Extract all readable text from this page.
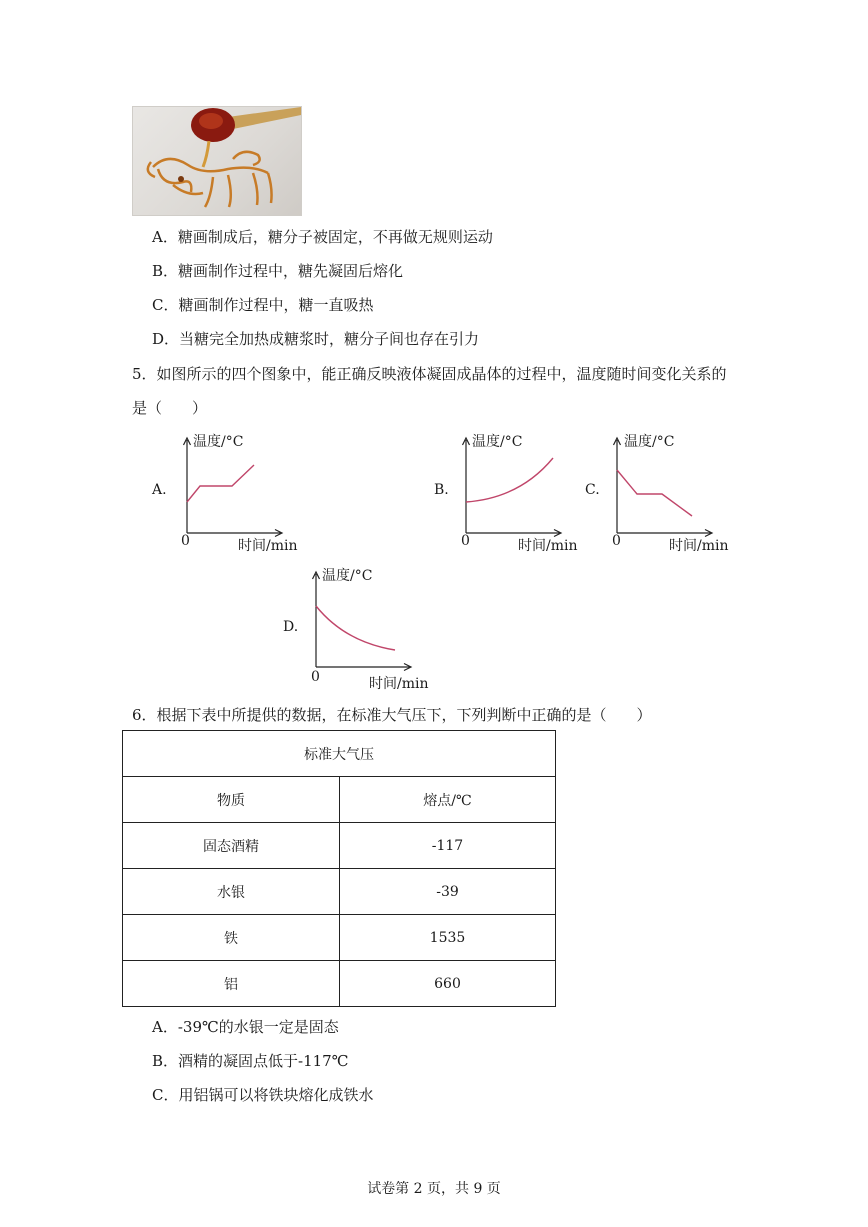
A．糖画制成后，糖分子被固定，不再做无规则运动
B．糖画制作过程中，糖先凝固后熔化
C．糖画制作过程中，糖一直吸热
D．当糖完全加热成糖浆时，糖分子间也存在引力
5．如图所示的四个图象中，能正确反映液体凝固成晶体的过程中，温度随时间变化关系的
是（　　）
A.
温度/°C
0	时间/min
B.
温度/°C
0	时间/min
C.
温度/°C
0	时间/min
D.
温度/°C
0	时间/min
6．根据下表中所提供的数据，在标准大气压下，下列判断中正确的是（　　）
标准大气压	
物质	熔点/℃
固态酒精	-117
水银	-39
铁	1535
铝	660
A．-39℃的水银一定是固态
B．酒精的凝固点低于-117℃
C．用铝锅可以将铁块熔化成铁水
试卷第 2 页，共 9 页
